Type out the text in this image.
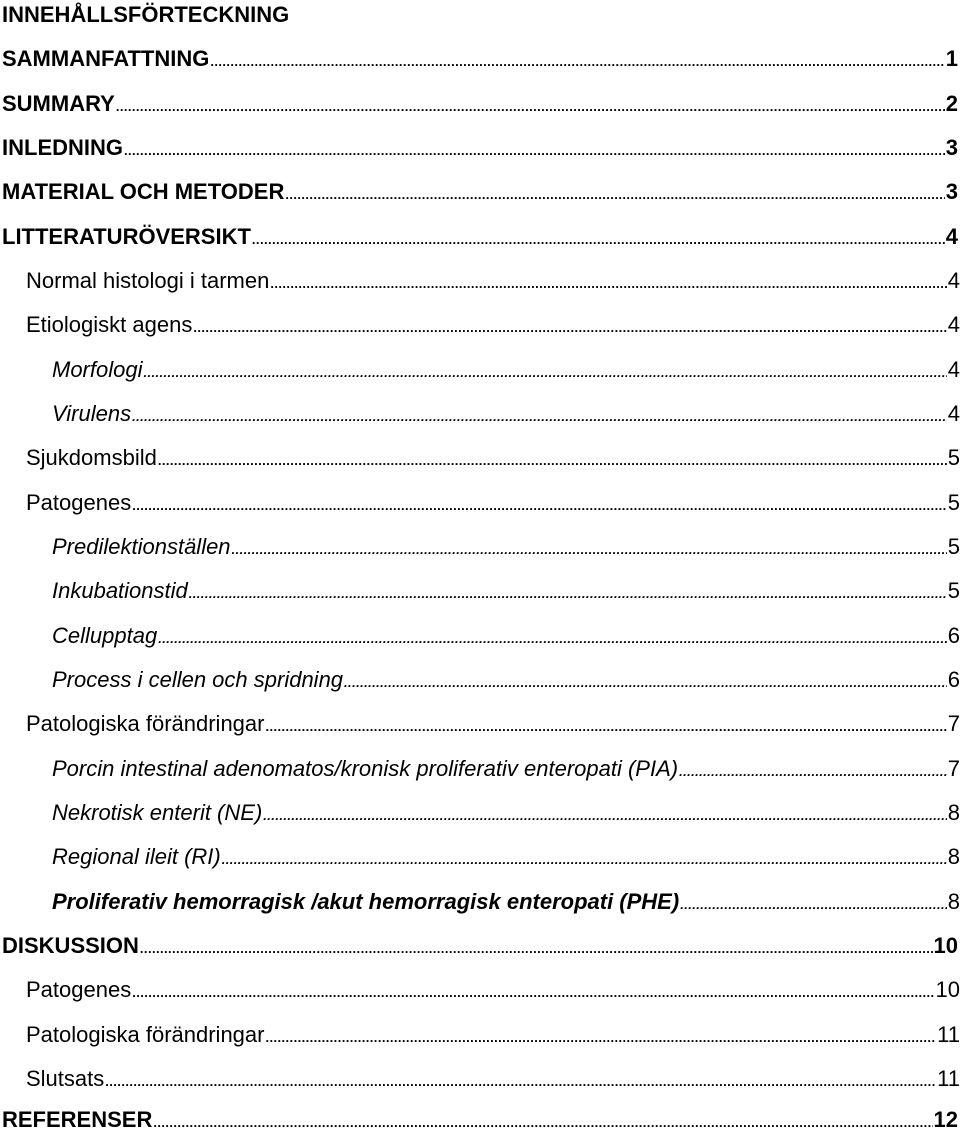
INNEHÅLLSFÖRTECKNING
SAMMANFATTNING .....	1
SUMMARY .....	2
INLEDNING .....	3
MATERIAL OCH METODER .....	3
LITTERATURÖVERSIKT .....	4
Normal histologi i tarmen .....	4
Etiologiskt agens .....	4
Morfologi .....	4
Virulens .....	4
Sjukdomsbild .....	5
Patogenes .....	5
Predilektionställen .....	5
Inkubationstid .....	5
Cellupptag .....	6
Process i cellen och spridning .....	6
Patologiska förändringar .....	7
Porcin intestinal adenomatos/kronisk proliferativ enteropati (PIA) .....	7
Nekrotisk enterit (NE) .....	8
Regional ileit (RI) .....	8
Proliferativ hemorragisk /akut hemorragisk enteropati (PHE) .....	8
DISKUSSION .....	10
Patogenes .....	10
Patologiska förändringar .....	11
Slutsats .....	11
REFERENSER .....	12
